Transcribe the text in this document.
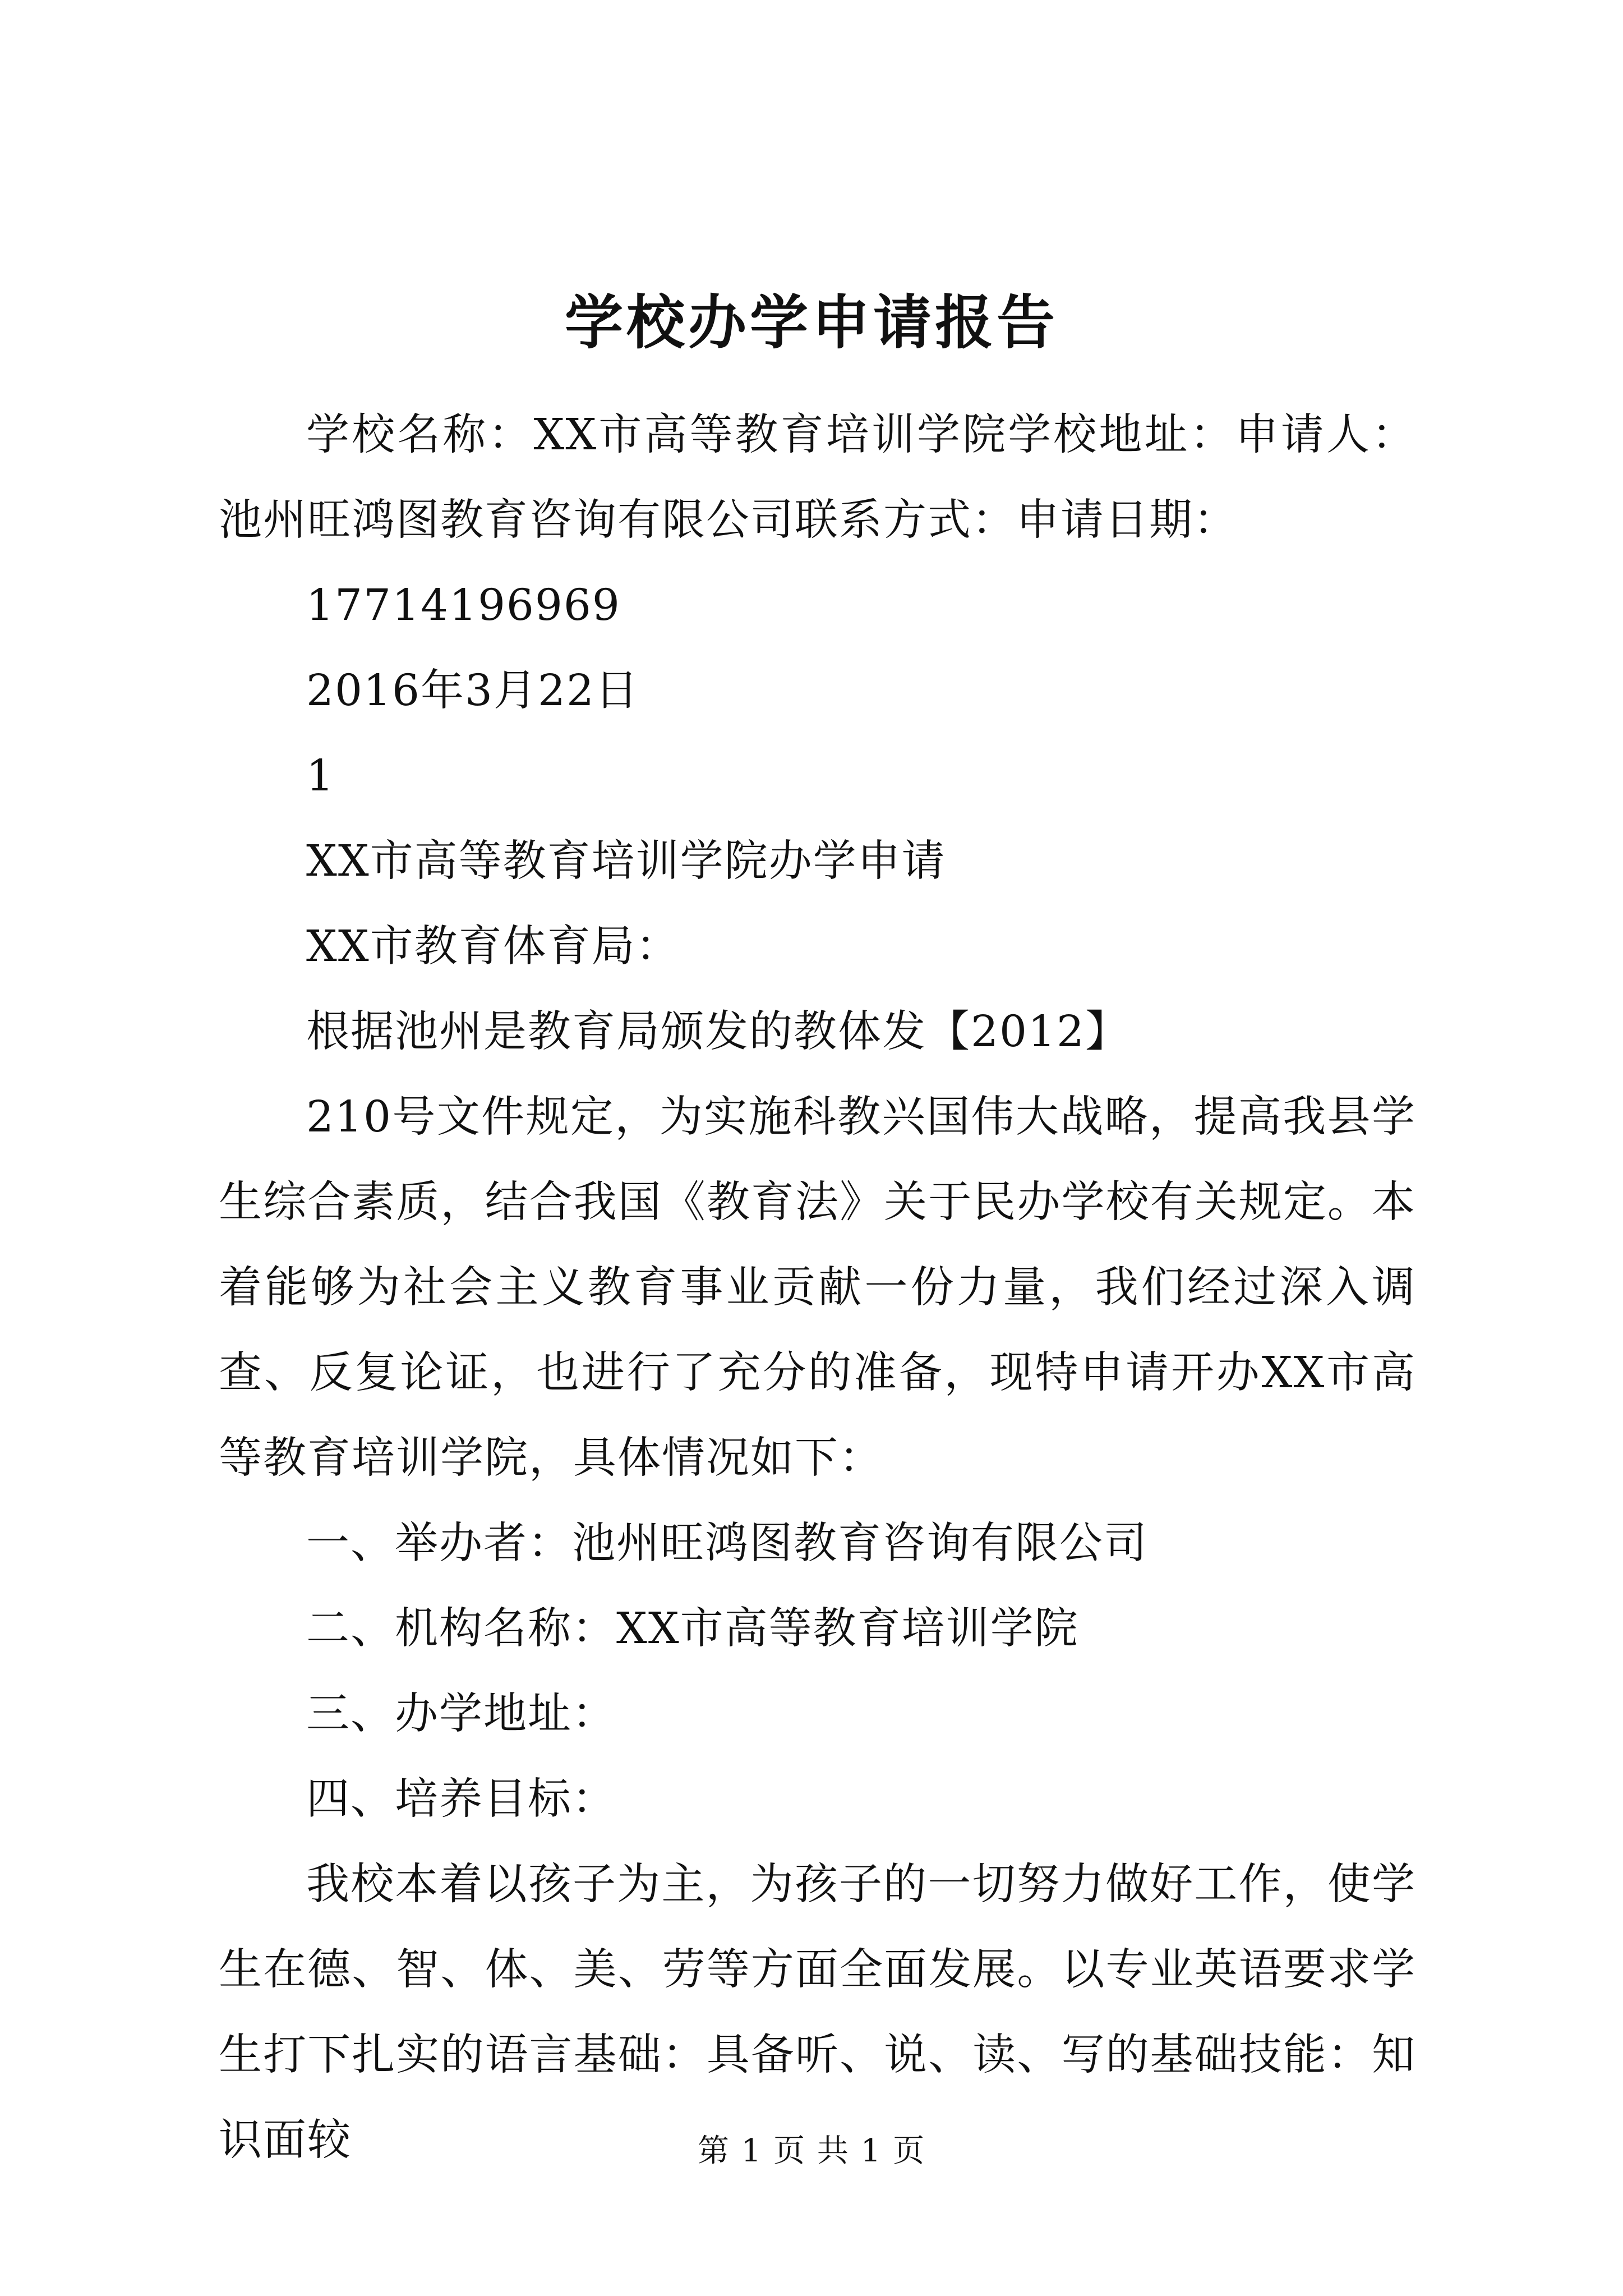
学校办学申请报告

学校名称：XX市高等教育培训学院学校地址：申请人：池州旺鸿图教育咨询有限公司联系方式：申请日期：

17714196969

2016年3月22日

1

XX市高等教育培训学院办学申请

XX市教育体育局：

根据池州是教育局颁发的教体发【2012】

210号文件规定，为实施科教兴国伟大战略，提高我县学生综合素质，结合我国《教育法》关于民办学校有关规定。本着能够为社会主义教育事业贡献一份力量，我们经过深入调查、反复论证，也进行了充分的准备，现特申请开办XX市高等教育培训学院，具体情况如下：

一、举办者：池州旺鸿图教育咨询有限公司

二、机构名称：XX市高等教育培训学院

三、办学地址：

四、培养目标：

我校本着以孩子为主，为孩子的一切努力做好工作，使学生在德、智、体、美、劳等方面全面发展。以专业英语要求学生打下扎实的语言基础：具备听、说、读、写的基础技能：知识面较	第 1 页 共 1 页
